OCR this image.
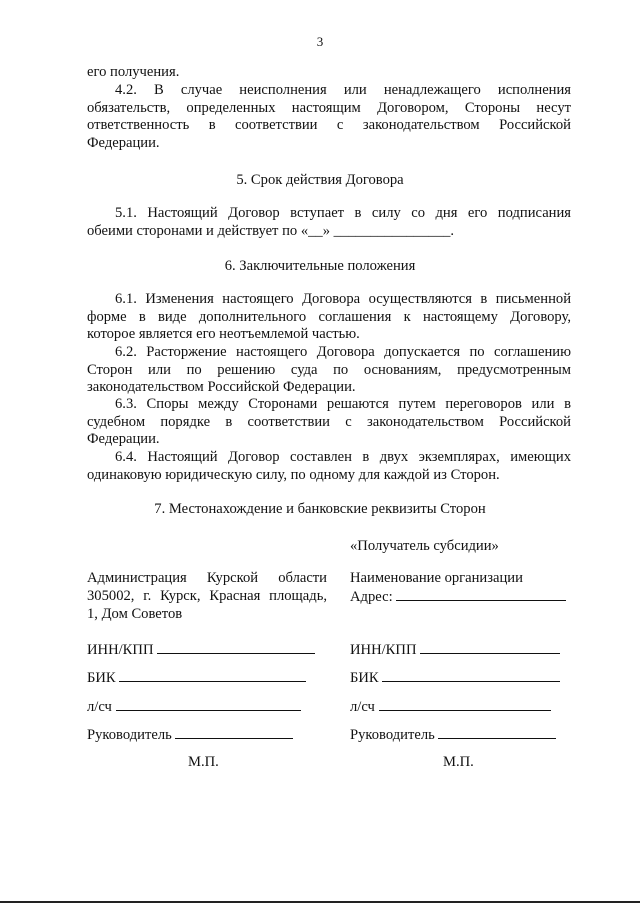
3
его получения.
4.2. В случае неисполнения или ненадлежащего исполнения
обязательств, определенных настоящим Договором, Стороны несут
ответственность в соответствии с законодательством Российской
Федерации.
5. Срок действия Договора
5.1. Настоящий Договор вступает в силу со дня его подписания
обеими сторонами и действует по «__» ________________.
6. Заключительные положения
6.1. Изменения настоящего Договора осуществляются в письменной
форме в виде дополнительного соглашения к настоящему Договору,
которое является его неотъемлемой частью.
6.2. Расторжение настоящего Договора допускается по соглашению
Сторон или по решению суда по основаниям, предусмотренным
законодательством Российской Федерации.
6.3. Споры между Сторонами решаются путем переговоров или в
судебном порядке в соответствии с законодательством Российской
Федерации.
6.4. Настоящий Договор составлен в двух экземплярах, имеющих
одинаковую юридическую силу, по одному для каждой из Сторон.
7. Местонахождение и банковские реквизиты Сторон
«Получатель субсидии»
Администрация Курской области
305002, г. Курск, Красная площадь,
1, Дом Советов
ИНН/КПП
БИК
л/сч
Руководитель
М.П.
Наименование организации
Адрес:
ИНН/КПП
БИК
л/сч
Руководитель
М.П.
